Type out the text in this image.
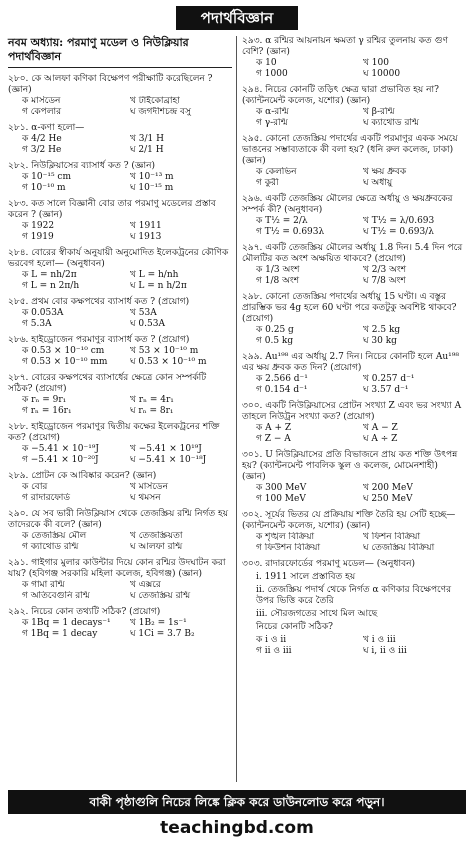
পদার্থবিজ্ঞান
নবম অধ্যায়: পরমাণু মডেল ও নিউক্লিয়ার পদার্থবিজ্ঞান
২৮০. কে আলফা কণিকা বিক্ষেপণ পরীক্ষাটি করেছিলেন ? (জ্ঞান)
ক মার্সডেন	খ টাইকোব্রাহা
গ কেপলার	ঘ জগদীশচন্দ্র বসু
২৮১. α-কণা হলো—
ক 4/2 He	খ 3/1 H
গ 3/2 He	ঘ 2/1 H
২৮২. নিউক্লিয়াসের ব্যাসার্ধ কত ? (জ্ঞান)
ক 10⁻¹⁵ cm	খ 10⁻¹³ m
গ 10⁻¹⁰ m	ঘ 10⁻¹⁵ m
২৮৩. কত সালে বিজ্ঞানী বোর তার পরমাণু মডেলের প্রস্তাব করেন ? (জ্ঞান)
ক 1922	খ 1911
গ 1919	ঘ 1913
২৮৪. বোরের স্বীকার্য অনুযায়ী অনুমোদিত ইলেকট্রনের কৌণিক ভরবেগ হলো— (অনুধাবন)
ক L = nh/2π	খ L = h/nh
গ L = n 2π/h	ঘ L = n h/2π
২৮৫. প্রথম বোর কক্ষপথের ব্যাসার্ধ কত ? (প্রয়োগ)
ক 0.053A	খ 53A
গ 5.3A	ঘ 0.53A
২৮৬. হাইড্রোজেন পরমাণুর ব্যাসার্ধ কত ? (প্রয়োগ)
ক 0.53 × 10⁻¹⁰ cm	খ 53 × 10⁻¹⁰ m
গ 0.53 × 10⁻¹⁰ mm	ঘ 0.53 × 10⁻¹⁰ m
২৮৭. বোরের কক্ষপথের ব্যাসার্ধের ক্ষেত্রে কোন সম্পর্কটি সঠিক? (প্রয়োগ)
ক rₙ = 9r₁	খ rₙ = 4r₁
গ rₙ = 16r₁	ঘ rₙ = 8r₁
২৮৮. হাইড্রোজেন পরমাণুর দ্বিতীয় কক্ষের ইলেকট্রনের শক্তি কত? (প্রয়োগ)
ক −5.41 × 10⁻¹⁹J	খ −5.41 × 10¹⁹J
গ −5.41 × 10⁻²⁰J	ঘ −5.41 × 10⁻¹⁸J
২৮৯. প্রোটন কে আবিষ্কার করেন? (জ্ঞান)
ক বোর	খ মার্সডেন
গ রাদারফোর্ড	ঘ থমসন
২৯০. যে সব ভারী নিউক্লিয়াস থেকে তেজস্ক্রিয় রশ্মি নির্গত হয় তাদেরকে কী বলে? (জ্ঞান)
ক তেজস্ক্রিয় মৌল	খ তেজস্ক্রিয়তা
গ ক্যাথোড রশ্মি	ঘ আলফা রশ্মি
২৯১. গাইগার মুলার কাউন্টার দিয়ে কোন রশ্মির উদঘাটন করা যায়? (হবিগঞ্জ সরকারি মহিলা কলেজ, হবিগঞ্জ) (জ্ঞান)
ক গামা রশ্মি	খ এক্সরে
গ অতিবেগুনি রশ্মি	ঘ তেজস্ক্রিয় রশ্মি
২৯২. নিচের কোন তথ্যটি সঠিক? (প্রয়োগ)
ক 1Bq = 1 decays⁻¹	খ 1B₂ = 1s⁻¹
গ 1Bq = 1 decay	ঘ 1Ci = 3.7 B₂
২৯৩. α রশ্মির আয়নায়ন ক্ষমতা γ রশ্মির তুলনায় কত গুণ বেশি? (জ্ঞান)
ক 10	খ 100
গ 1000	ঘ 10000
২৯৪. নিচের কোনটি তড়িৎ ক্ষেত্র দ্বারা প্রভাবিত হয় না? (ক্যান্টনমেন্ট কলেজ, যশোর) (জ্ঞান)
ক α-রশ্মি	খ β-রশ্মি
গ γ-রশ্মি	ঘ ক্যাথোড রশ্মি
২৯৫. কোনো তেজস্ক্রিয় পদার্থের একটি পরমাণুর একক সময়ে ভাঙনের সম্ভাব্যতাকে কী বলা হয়? (ধনি রুল কলেজ, ঢাকা) (জ্ঞান)
ক কেলভিন	খ ক্ষয় ধ্রুবক
গ কুরী	ঘ অর্ধায়ু
২৯৬. একটি তেজস্ক্রিয় মৌলের ক্ষেত্রে অর্ধায়ু ও ক্ষয়ধ্রুবকের সম্পর্ক কী? (অনুধাবন)
ক T½ = 2/λ	খ T½ = λ/0.693
গ T½ = 0.693λ	ঘ T½ = 0.693/λ
২৯৭. একটি তেজস্ক্রিয় মৌলের অর্ধায়ু 1.8 দিন। 5.4 দিন পরে মৌলটির কত অংশ অক্ষয়িত থাকবে? (প্রয়োগ)
ক 1/3 অংশ	খ 2/3 অংশ
গ 1/8 অংশ	ঘ 7/8 অংশ
২৯৮. কোনো তেজস্ক্রিয় পদার্থের অর্ধায়ু 15 ঘণ্টা। এ বস্তুর প্রারম্ভিক ভর 4g হলে 60 ঘণ্টা পরে কতটুকু অবশিষ্ট থাকবে? (প্রয়োগ)
ক 0.25 g	খ 2.5 kg
গ 0.5 kg	ঘ 30 kg
২৯৯. Au¹⁹⁸ এর অর্ধায়ু 2.7 দিন। নিচের কোনটি হলে Au¹⁹⁸ এর ক্ষয় ধ্রুবক কত দিন? (প্রয়োগ)
ক 2.566 d⁻¹	খ 0.257 d⁻¹
গ 0.154 d⁻¹	ঘ 3.57 d⁻¹
৩০০. একটি নিউক্লিয়াসের প্রোটন সংখ্যা Z এবং ভর সংখ্যা A তাহলে নিউট্রন সংখ্যা কত? (প্রয়োগ)
ক A + Z	খ A − Z
গ Z − A	ঘ A ÷ Z
৩০১. U নিউক্লিয়াসের প্রতি বিভাজনে প্রায় কত শক্তি উৎপন্ন হয়? (ক্যান্টনমেন্ট পাবলিক স্কুল ও কলেজ, মোমেনশাহী) (জ্ঞান)
ক 300 MeV	খ 200 MeV
গ 100 MeV	ঘ 250 MeV
৩০২. সূর্যের ভিতর যে প্রক্রিয়ায় শক্তি তৈরি হয় সেটি হচ্ছে— (ক্যান্টনমেন্ট কলেজ, যশোর) (জ্ঞান)
ক শৃঙ্খল বিক্রিয়া	খ ফিশন বিক্রিয়া
গ ফিউশন বিক্রিয়া	ঘ তেজস্ক্রিয় বিক্রিয়া
৩০৩. রাদারফোর্ডের পরমাণু মডেল— (অনুধাবন)
i. 1911 সালে প্রস্তাবিত হয়
ii. তেজস্ক্রিয় পদার্থ থেকে নির্গত α কণিকার বিক্ষেপণের উপর ভিত্তি করে তৈরি
iii. সৌরজগতের সাথে মিল আছে
নিচের কোনটি সঠিক?
ক i ও ii	খ i ও iii
গ ii ও iii	ঘ i, ii ও iii
বাকী পৃষ্ঠাগুলি নিচের লিঙ্কে ক্লিক করে ডাউনলোড করে পড়ুন।
teachingbd.com
